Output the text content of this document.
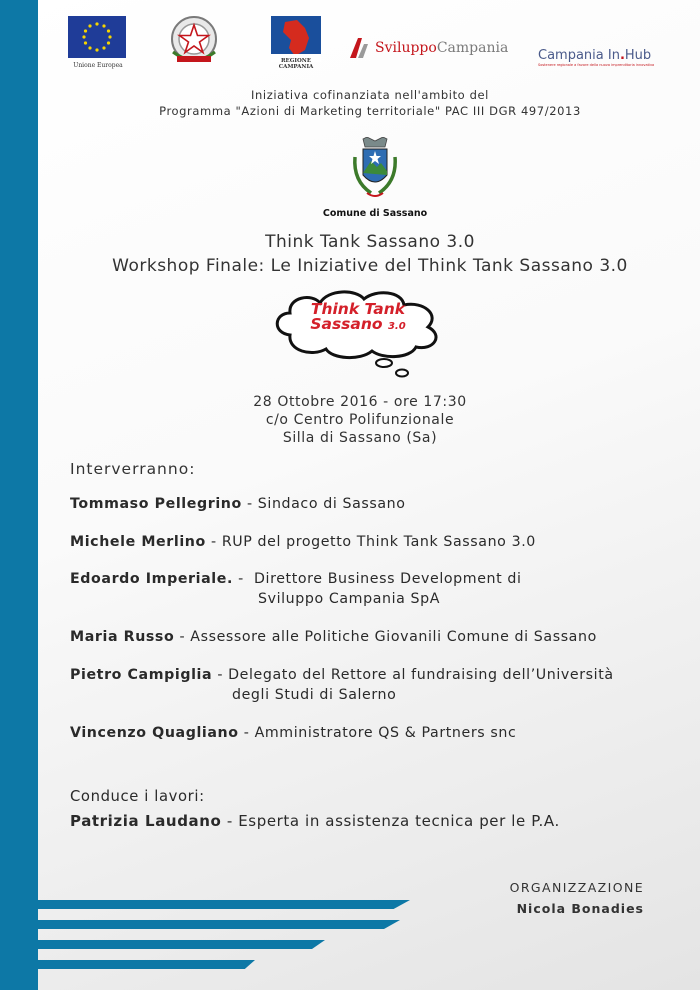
Unione Europea
REGIONE CAMPANIA
Sviluppo Campania Campania In.Hub
Sostenere regionale a favore della nuova imprenditoria innovativa
Iniziativa cofinanziata nell'ambito del
Programma "Azioni di Marketing territoriale" PAC III DGR 497/2013
Comune di Sassano
Think Tank Sassano 3.0
Workshop Finale: Le Iniziative del Think Tank Sassano 3.0
Think Tank
Sassano 3.0
28 Ottobre 2016 - ore 17:30
c/o Centro Polifunzionale
Silla di Sassano (Sa)
Interverranno:
Tommaso Pellegrino - Sindaco di Sassano
Michele Merlino - RUP del progetto Think Tank Sassano 3.0
Edoardo Imperiale. -  Direttore Business Development di
Sviluppo Campania SpA
Maria Russo - Assessore alle Politiche Giovanili Comune di Sassano
Pietro Campiglia - Delegato del Rettore al fundraising dell’Università
degli Studi di Salerno
Vincenzo Quagliano - Amministratore QS & Partners snc
Conduce i lavori:
Patrizia Laudano - Esperta in assistenza tecnica per le P.A.
ORGANIZZAZIONE
Nicola Bonadies
